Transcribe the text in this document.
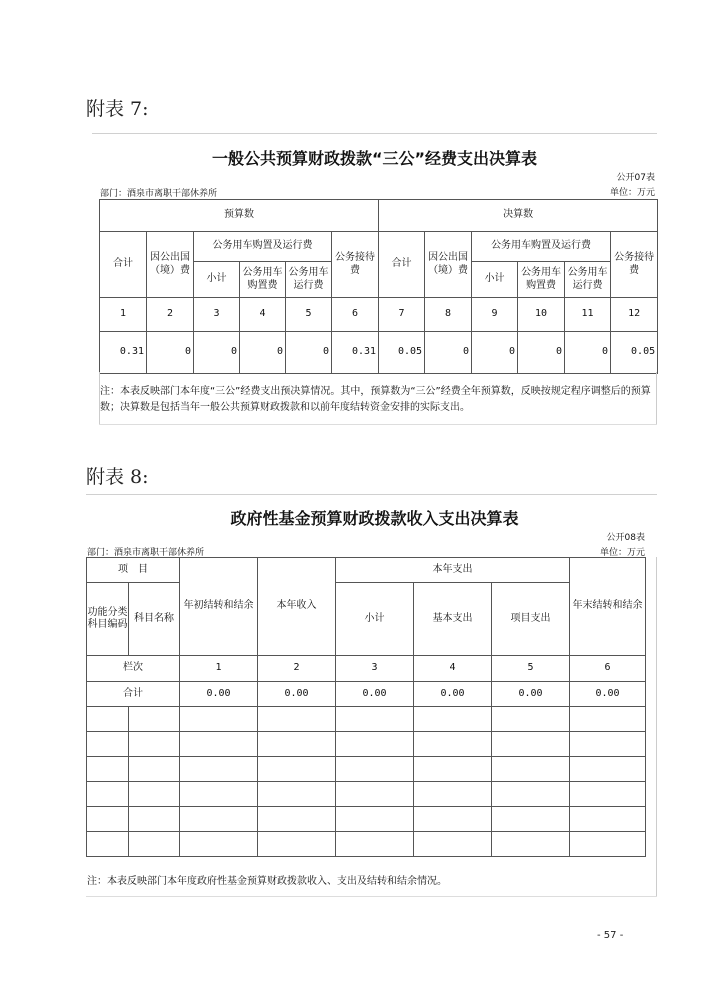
附表 7:
一般公共预算财政拨款“三公”经费支出决算表
公开07表
单位：万元
部门：酒泉市离职干部休养所
预算数						决算数					
合计	因公出国（境）费	公务用车购置及运行费			公务接待费	合计	因公出国（境）费	公务用车购置及运行费			公务接待费
		小计	公务用车购置费	公务用车运行费				小计	公务用车购置费	公务用车运行费	
1	2	3	4	5	6	7	8	9	10	11	12
0.31	0	0	0	0	0.31	0.05	0	0	0	0	0.05
注：本表反映部门本年度“三公”经费支出预决算情况。其中，预算数为“三公”经费全年预算数，反映按规定程序调整后的预算数；决算数是包括当年一般公共预算财政拨款和以前年度结转资金安排的实际支出。
附表 8:
政府性基金预算财政拨款收入支出决算表
公开08表
单位：万元
部门：酒泉市离职干部休养所
项　目		年初结转和结余	本年收入	本年支出			年末结转和结余
功能分类科目编码	科目名称			小计	基本支出	项目支出	

栏次		1	2	3	4	5	6
合计		0.00	0.00	0.00	0.00	0.00	0.00

注：本表反映部门本年度政府性基金预算财政拨款收入、支出及结转和结余情况。
- 57 -
